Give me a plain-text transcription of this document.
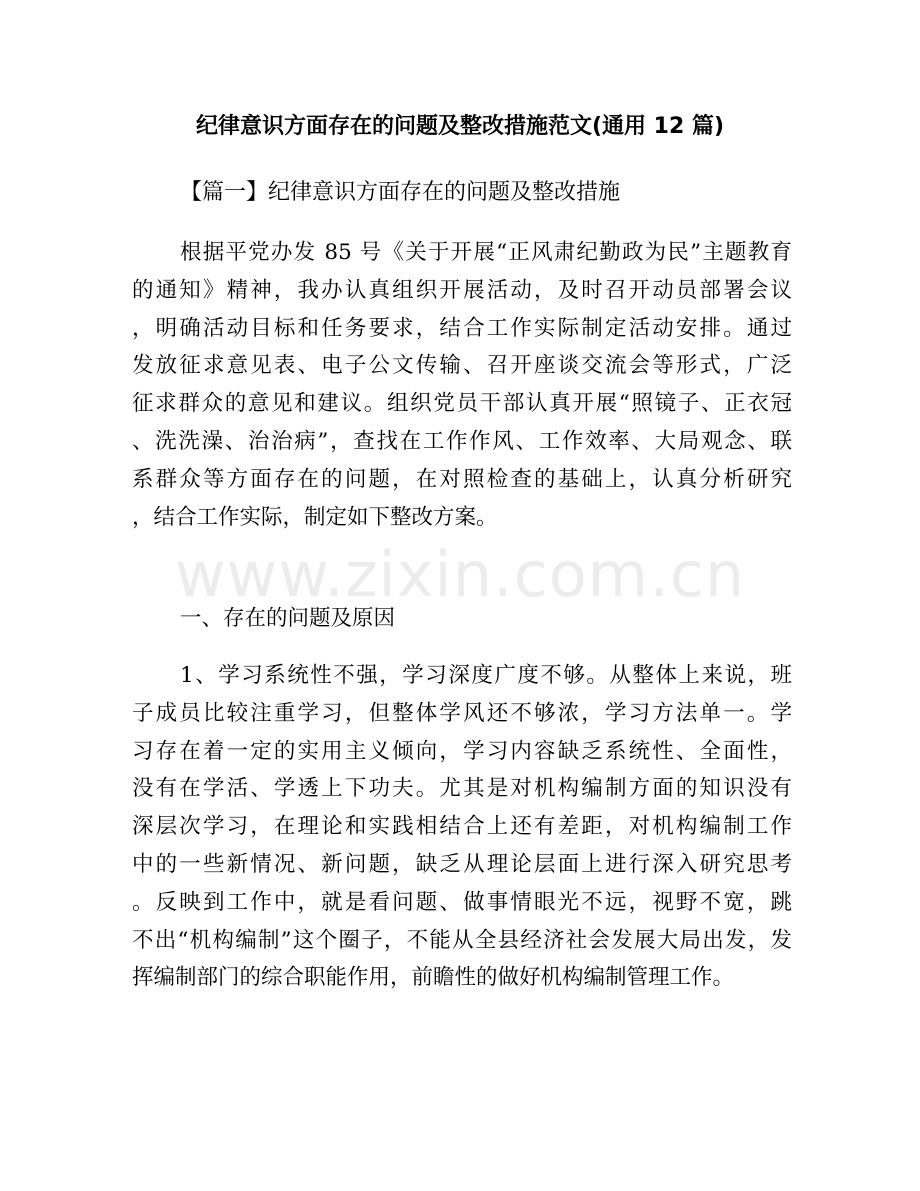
www.zixin.com.cn
纪律意识方面存在的问题及整改措施范文(通用 12 篇)
【篇一】纪律意识方面存在的问题及整改措施
根据平党办发 85 号《关于开展“正风肃纪勤政为民”主题教育
的通知》精神，我办认真组织开展活动，及时召开动员部署会议
，明确活动目标和任务要求，结合工作实际制定活动安排。通过
发放征求意见表、电子公文传输、召开座谈交流会等形式，广泛
征求群众的意见和建议。组织党员干部认真开展“照镜子、正衣冠
、洗洗澡、治治病”，查找在工作作风、工作效率、大局观念、联
系群众等方面存在的问题，在对照检查的基础上，认真分析研究
，结合工作实际，制定如下整改方案。
一、存在的问题及原因
1、学习系统性不强，学习深度广度不够。从整体上来说，班
子成员比较注重学习，但整体学风还不够浓，学习方法单一。学
习存在着一定的实用主义倾向，学习内容缺乏系统性、全面性，
没有在学活、学透上下功夫。尤其是对机构编制方面的知识没有
深层次学习，在理论和实践相结合上还有差距，对机构编制工作
中的一些新情况、新问题，缺乏从理论层面上进行深入研究思考
。反映到工作中，就是看问题、做事情眼光不远，视野不宽，跳
不出“机构编制”这个圈子，不能从全县经济社会发展大局出发，发
挥编制部门的综合职能作用，前瞻性的做好机构编制管理工作。
